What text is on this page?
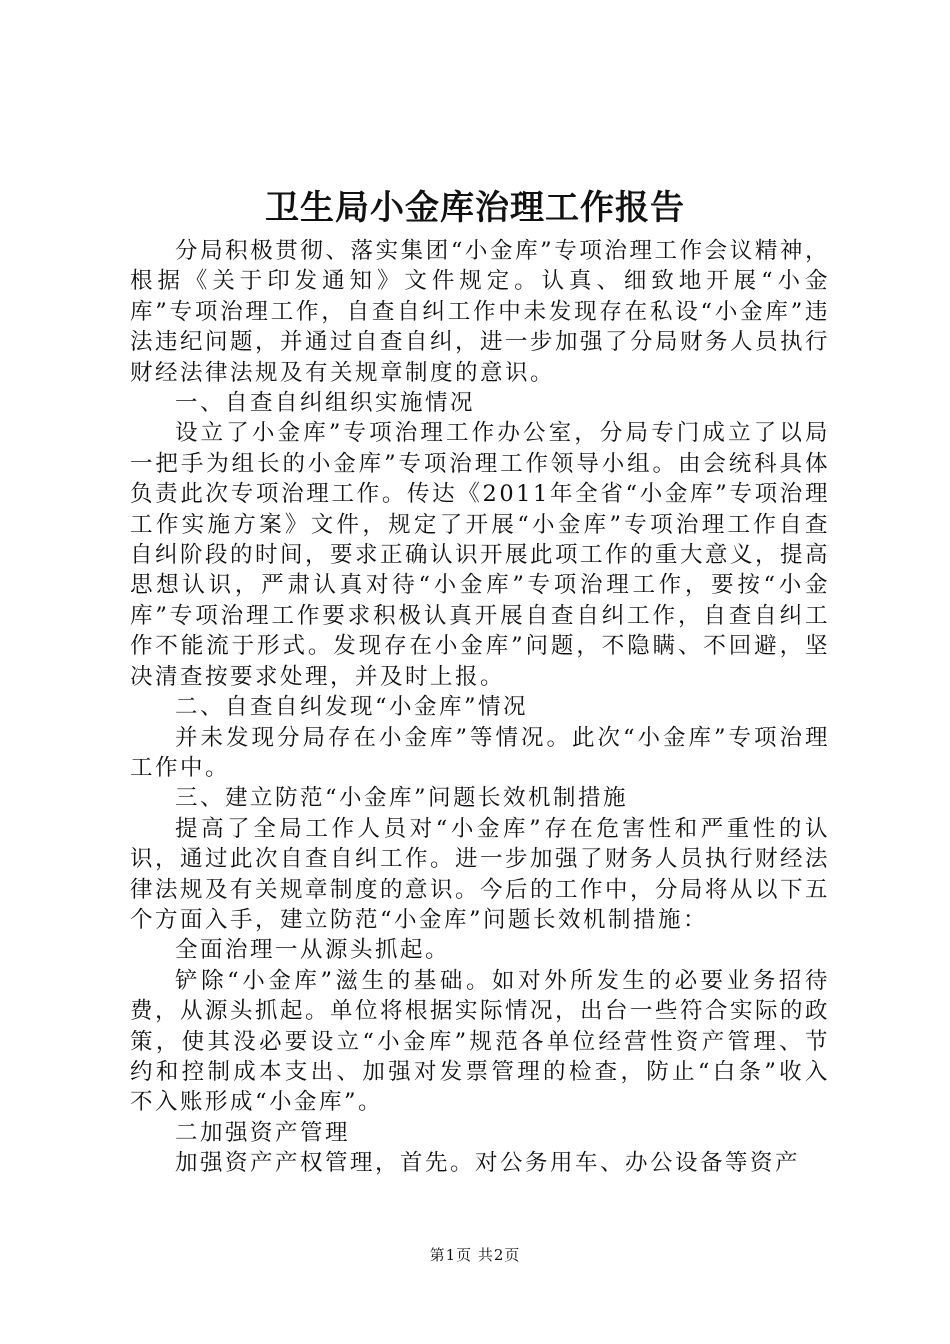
卫生局小金库治理工作报告

分局积极贯彻、落实集团“小金库”专项治理工作会议精神，根据《关于印发通知》文件规定。认真、细致地开展“小金库”专项治理工作，自查自纠工作中未发现存在私设“小金库”违法违纪问题，并通过自查自纠，进一步加强了分局财务人员执行财经法律法规及有关规章制度的意识。

一、自查自纠组织实施情况

设立了小金库”专项治理工作办公室，分局专门成立了以局一把手为组长的小金库”专项治理工作领导小组。由会统科具体负责此次专项治理工作。传达《2011年全省“小金库”专项治理工作实施方案》文件，规定了开展“小金库”专项治理工作自查自纠阶段的时间，要求正确认识开展此项工作的重大意义，提高思想认识，严肃认真对待“小金库”专项治理工作，要按“小金库”专项治理工作要求积极认真开展自查自纠工作，自查自纠工作不能流于形式。发现存在小金库”问题，不隐瞒、不回避，坚决清查按要求处理，并及时上报。

二、自查自纠发现“小金库”情况

并未发现分局存在小金库”等情况。此次“小金库”专项治理工作中。

三、建立防范“小金库”问题长效机制措施

提高了全局工作人员对“小金库”存在危害性和严重性的认识，通过此次自查自纠工作。进一步加强了财务人员执行财经法律法规及有关规章制度的意识。今后的工作中，分局将从以下五个方面入手，建立防范“小金库”问题长效机制措施：

全面治理一从源头抓起。

铲除“小金库”滋生的基础。如对外所发生的必要业务招待费，从源头抓起。单位将根据实际情况，出台一些符合实际的政策，使其没必要设立“小金库”规范各单位经营性资产管理、节约和控制成本支出、加强对发票管理的检查，防止“白条”收入不入账形成“小金库”。

二加强资产管理

加强资产产权管理，首先。对公务用车、办公设备等资产

第1页 共2页
